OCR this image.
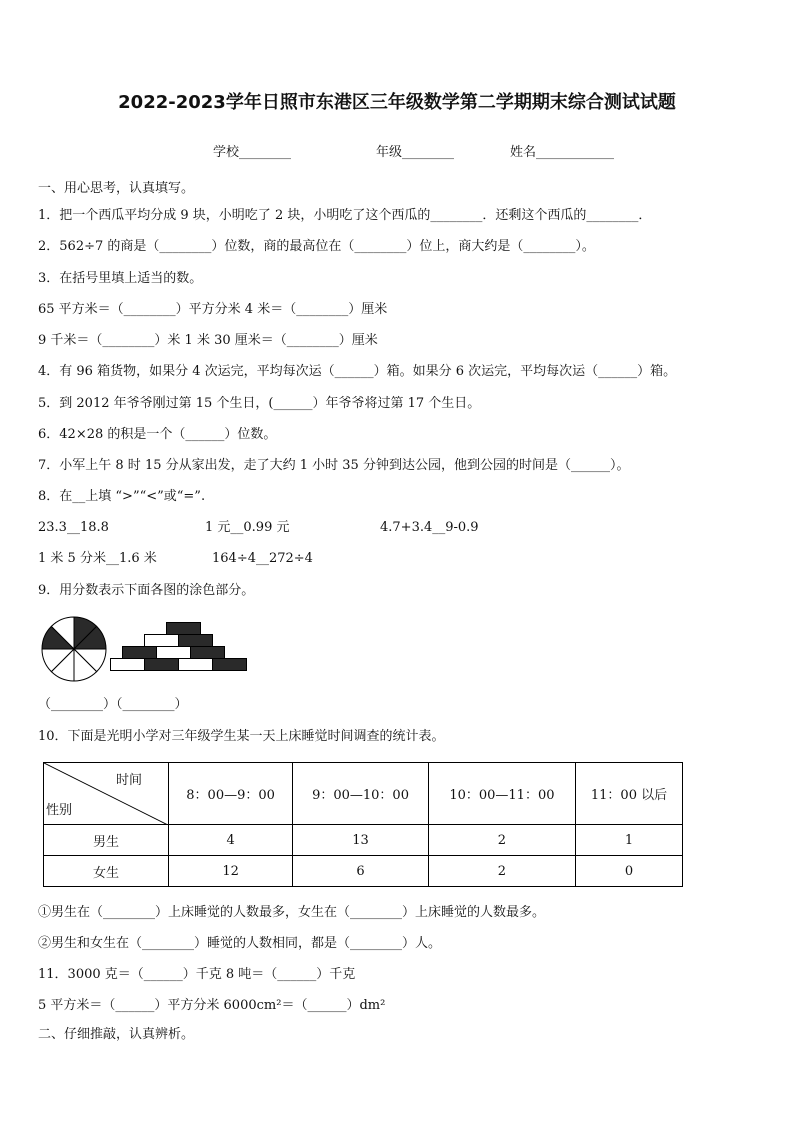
2022-2023学年日照市东港区三年级数学第二学期期末综合测试试题
学校________	年级________	姓名____________
一、用心思考，认真填写。
1．把一个西瓜平均分成 9 块，小明吃了 2 块，小明吃了这个西瓜的________．还剩这个西瓜的________．
2．562÷7 的商是（________）位数，商的最高位在（________）位上，商大约是（________）。
3．在括号里填上适当的数。
65 平方米＝（________）平方分米 4 米＝（________）厘米
9 千米＝（________）米 1 米 30 厘米＝（________）厘米
4．有 96 箱货物，如果分 4 次运完，平均每次运（______）箱。如果分 6 次运完，平均每次运（______）箱。
5．到 2012 年爷爷刚过第 15 个生日，(______）年爷爷将过第 17 个生日。
6．42×28 的积是一个（______）位数。
7．小军上午 8 时 15 分从家出发，走了大约 1 小时 35 分钟到达公园，他到公园的时间是（______）。
8．在__上填 “>”“<”或“=”.
23.3__18.8	1 元__0.99 元	4.7+3.4__9-0.9
1 米 5 分米__1.6 米	164÷4__272÷4
9．用分数表示下面各图的涂色部分。
（________）（________）
10．下面是光明小学对三年级学生某一天上床睡觉时间调查的统计表。
时间
性别	8：00—9：00	9：00—10：00	10：00—11：00	11：00 以后
男生	4	13	2	1
女生	12	6	2	0
①男生在（________）上床睡觉的人数最多，女生在（________）上床睡觉的人数最多。
②男生和女生在（________）睡觉的人数相同，都是（________）人。
11．3000 克＝（______）千克 8 吨＝（______）千克
5 平方米＝（______）平方分米 6000cm²＝（______）dm²
二、仔细推敲，认真辨析。
